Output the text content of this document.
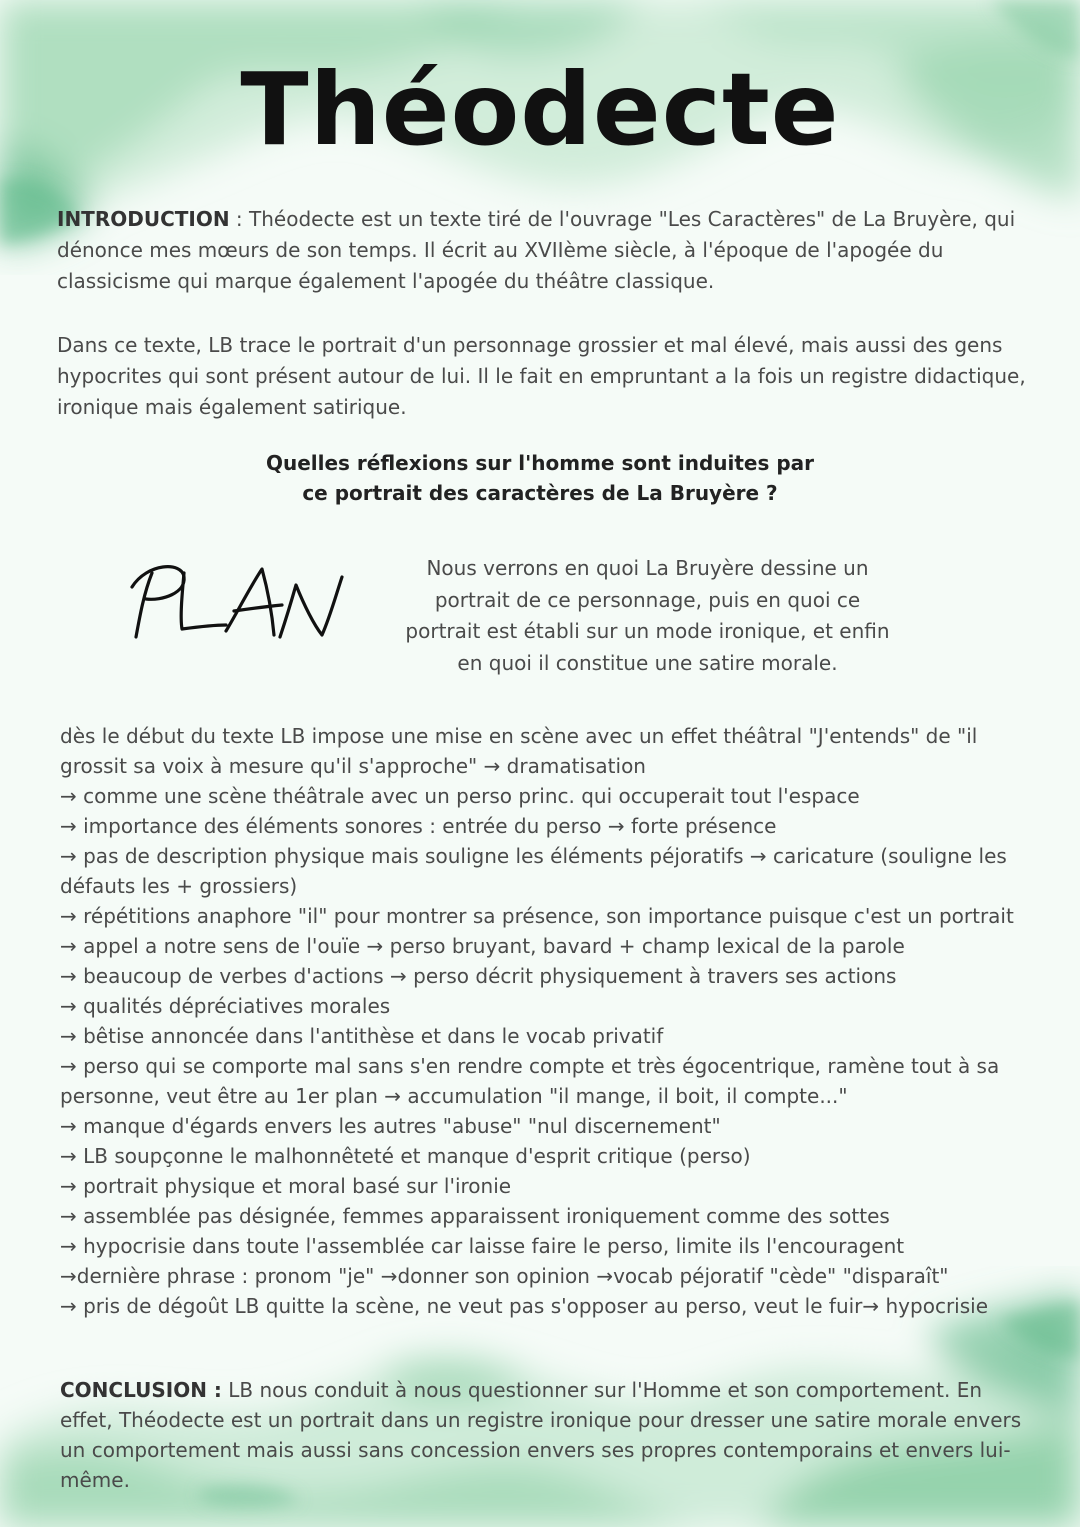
Théodecte

INTRODUCTION : Théodecte est un texte tiré de l'ouvrage "Les Caractères" de La Bruyère, qui dénonce mes mœurs de son temps. Il écrit au XVIIème siècle, à l'époque de l'apogée du classicisme qui marque également l'apogée du théâtre classique.

Dans ce texte, LB trace le portrait d'un personnage grossier et mal élevé, mais aussi des gens hypocrites qui sont présent autour de lui. Il le fait en empruntant a la fois un registre didactique, ironique mais également satirique.

Quelles réflexions sur l'homme sont induites par
ce portrait des caractères de La Bruyère ?

Nous verrons en quoi La Bruyère dessine un
portrait de ce personnage, puis en quoi ce
portrait est établi sur un mode ironique, et enfin
en quoi il constitue une satire morale.

dès le début du texte LB impose une mise en scène avec un effet théâtral "J'entends" de "il grossit sa voix à mesure qu'il s'approche" → dramatisation
→ comme une scène théâtrale avec un perso princ. qui occuperait tout l'espace
→ importance des éléments sonores : entrée du perso → forte présence
→ pas de description physique mais souligne les éléments péjoratifs → caricature (souligne les défauts les + grossiers)
→ répétitions anaphore "il" pour montrer sa présence, son importance puisque c'est un portrait
→ appel a notre sens de l'ouïe → perso bruyant, bavard + champ lexical de la parole
→ beaucoup de verbes d'actions → perso décrit physiquement à travers ses actions
→ qualités dépréciatives morales
→ bêtise annoncée dans l'antithèse et dans le vocab privatif
→ perso qui se comporte mal sans s'en rendre compte et très égocentrique, ramène tout à sa personne, veut être au 1er plan → accumulation "il mange, il boit, il compte..."
→ manque d'égards envers les autres "abuse" "nul discernement"
→ LB soupçonne le malhonnêteté et manque d'esprit critique (perso)
→ portrait physique et moral basé sur l'ironie
→ assemblée pas désignée, femmes apparaissent ironiquement comme des sottes
→ hypocrisie dans toute l'assemblée car laisse faire le perso, limite ils l'encouragent
→dernière phrase : pronom "je" →donner son opinion →vocab péjoratif "cède" "disparaît"
→ pris de dégoût LB quitte la scène, ne veut pas s'opposer au perso, veut le fuir→ hypocrisie

CONCLUSION : LB nous conduit à nous questionner sur l'Homme et son comportement. En effet, Théodecte est un portrait dans un registre ironique pour dresser une satire morale envers un comportement mais aussi sans concession envers ses propres contemporains et envers lui-même.
